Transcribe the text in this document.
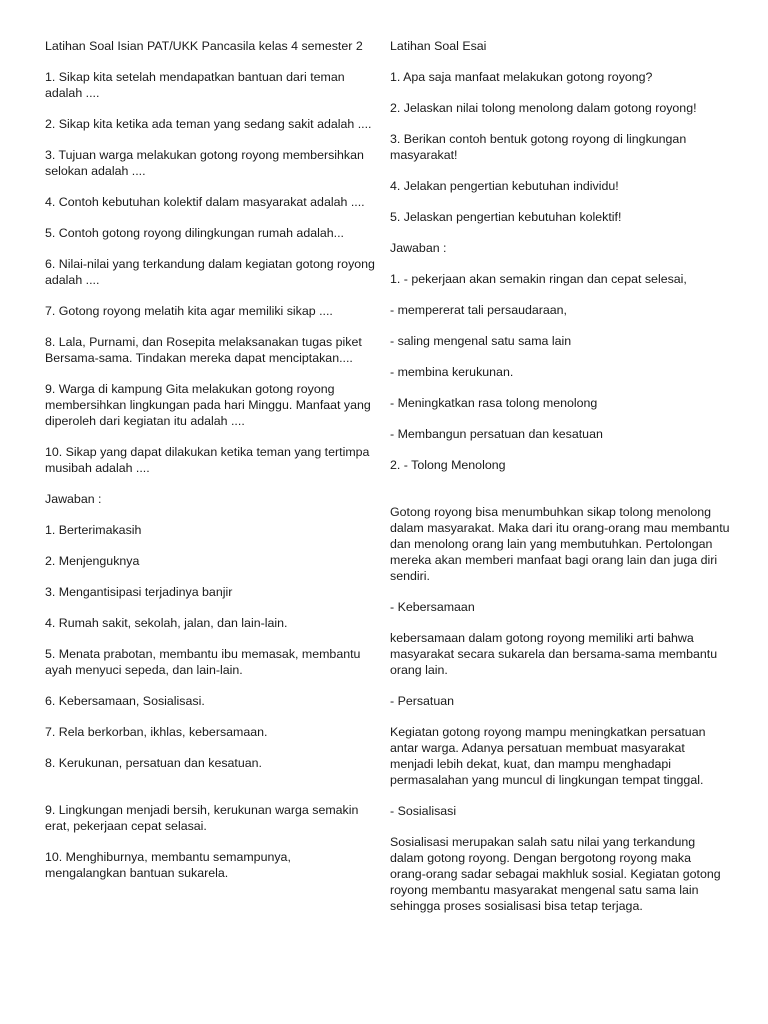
Latihan Soal Isian PAT/UKK Pancasila kelas 4 semester 2

1. Sikap kita setelah mendapatkan bantuan dari teman adalah ....

2. Sikap kita ketika ada teman yang sedang sakit adalah ....

3. Tujuan warga melakukan gotong royong membersihkan selokan adalah ....

4. Contoh kebutuhan kolektif dalam masyarakat adalah ....

5. Contoh gotong royong dilingkungan rumah adalah...

6. Nilai-nilai yang terkandung dalam kegiatan gotong royong adalah ....

7. Gotong royong melatih kita agar memiliki sikap ....

8. Lala, Purnami, dan Rosepita melaksanakan tugas piket Bersama-sama. Tindakan mereka dapat menciptakan....

9. Warga di kampung Gita melakukan gotong royong membersihkan lingkungan pada hari Minggu. Manfaat yang diperoleh dari kegiatan itu adalah ....

10. Sikap yang dapat dilakukan ketika teman yang tertimpa musibah adalah ....

Jawaban :

1. Berterimakasih

2. Menjenguknya

3. Mengantisipasi terjadinya banjir

4. Rumah sakit, sekolah, jalan, dan lain-lain.

5. Menata prabotan, membantu ibu memasak, membantu ayah menyuci sepeda, dan lain-lain.

6. Kebersamaan, Sosialisasi.

7. Rela berkorban, ikhlas, kebersamaan.

8. Kerukunan, persatuan dan kesatuan.

9. Lingkungan menjadi bersih, kerukunan warga semakin erat, pekerjaan cepat selasai.

10. Menghiburnya, membantu semampunya, mengalangkan bantuan sukarela.

Latihan Soal Esai

1. Apa saja manfaat melakukan gotong royong?

2. Jelaskan nilai tolong menolong dalam gotong royong!

3. Berikan contoh bentuk gotong royong di lingkungan masyarakat!

4. Jelakan pengertian kebutuhan individu!

5. Jelaskan pengertian kebutuhan kolektif!

Jawaban :

1. - pekerjaan akan semakin ringan dan cepat selesai,

- mempererat tali persaudaraan,

- saling mengenal satu sama lain

- membina kerukunan.

- Meningkatkan rasa tolong menolong

- Membangun persatuan dan kesatuan

2. - Tolong Menolong

Gotong royong bisa menumbuhkan sikap tolong menolong dalam masyarakat. Maka dari itu orang-orang mau membantu dan menolong orang lain yang membutuhkan. Pertolongan mereka akan memberi manfaat bagi orang lain dan juga diri sendiri.

- Kebersamaan

kebersamaan dalam gotong royong memiliki arti bahwa masyarakat secara sukarela dan bersama-sama membantu orang lain.

- Persatuan

Kegiatan gotong royong mampu meningkatkan persatuan antar warga. Adanya persatuan membuat masyarakat menjadi lebih dekat, kuat, dan mampu menghadapi permasalahan yang muncul di lingkungan tempat tinggal.

- Sosialisasi

Sosialisasi merupakan salah satu nilai yang terkandung dalam gotong royong. Dengan bergotong royong maka orang-orang sadar sebagai makhluk sosial. Kegiatan gotong royong membantu masyarakat mengenal satu sama lain sehingga proses sosialisasi bisa tetap terjaga.
